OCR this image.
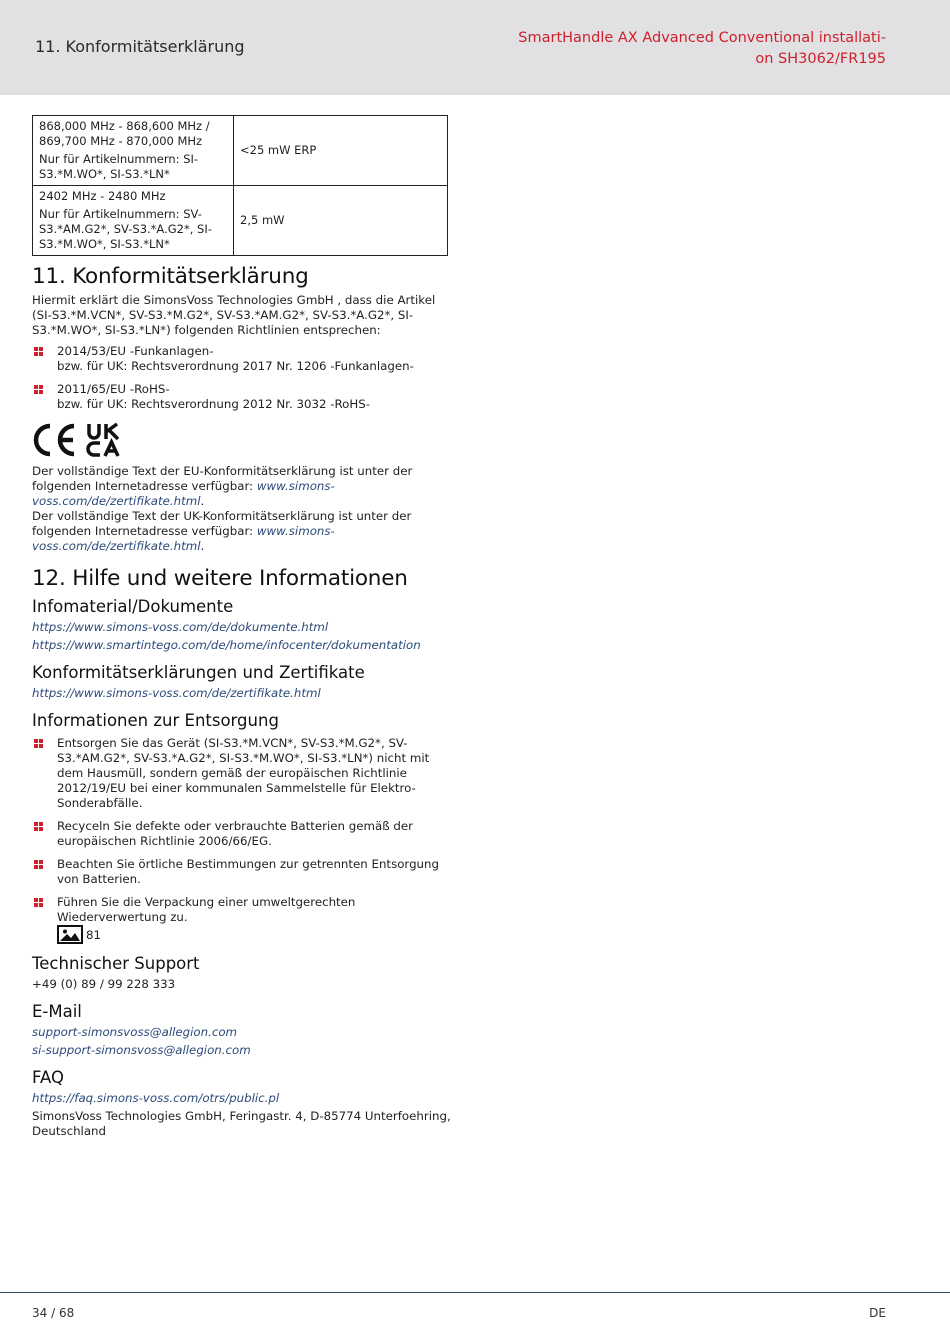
11. Konformitätserklärung	SmartHandle AX Advanced Conventional installati-
on SH3062/FR195

868,000 MHz - 868,600 MHz /
869,700 MHz - 870,000 MHz

Nur für Artikelnummern: SI-S3.*M.WO*, SI-S3.*LN*	<25 mW ERP

2402 MHz - 2480 MHz

Nur für Artikelnummern: SV-S3.*AM.G2*, SV-S3.*A.G2*, SI-S3.*M.WO*, SI-S3.*LN*	2,5 mW
11. Konformitätserklärung

Hiermit erklärt die SimonsVoss Technologies GmbH , dass die Artikel (SI-S3.*M.VCN*, SV-S3.*M.G2*, SV-S3.*AM.G2*, SV-S3.*A.G2*, SI-S3.*M.WO*, SI-S3.*LN*) folgenden Richtlinien entsprechen:

2014/53/EU -Funkanlagen-
bzw. für UK: Rechtsverordnung 2017 Nr. 1206 -Funkanlagen-
2011/65/EU -RoHS-
bzw. für UK: Rechtsverordnung 2012 Nr. 3032 -RoHS-

Der vollständige Text der EU-Konformitätserklärung ist unter der folgenden Internetadresse verfügbar: www.simons-voss.com/de/zertifikate.html.

Der vollständige Text der UK-Konformitätserklärung ist unter der folgenden Internetadresse verfügbar: www.simons-voss.com/de/zertifikate.html.

12. Hilfe und weitere Informationen
Infomaterial/Dokumente

https://www.simons-voss.com/de/dokumente.html

https://www.smartintego.com/de/home/infocenter/dokumentation

Konformitätserklärungen und Zertifikate

https://www.simons-voss.com/de/zertifikate.html

Informationen zur Entsorgung
Entsorgen Sie das Gerät (SI-S3.*M.VCN*, SV-S3.*M.G2*, SV-S3.*AM.G2*, SV-S3.*A.G2*, SI-S3.*M.WO*, SI-S3.*LN*) nicht mit dem Hausmüll, sondern gemäß der europäischen Richtlinie 2012/19/EU bei einer kommunalen Sammelstelle für Elektro-Sonderabfälle.
Recyceln Sie defekte oder verbrauchte Batterien gemäß der europäischen Richtlinie 2006/66/EG.
Beachten Sie örtliche Bestimmungen zur getrennten Entsorgung von Batterien.
Führen Sie die Verpackung einer umweltgerechten Wiederverwertung zu.
81
Technischer Support

+49 (0) 89 / 99 228 333

E-Mail

support-simonsvoss@allegion.com

si-support-simonsvoss@allegion.com

FAQ

https://faq.simons-voss.com/otrs/public.pl

SimonsVoss Technologies GmbH, Feringastr. 4, D-85774 Unterfoehring, Deutschland

34 / 68	DE
